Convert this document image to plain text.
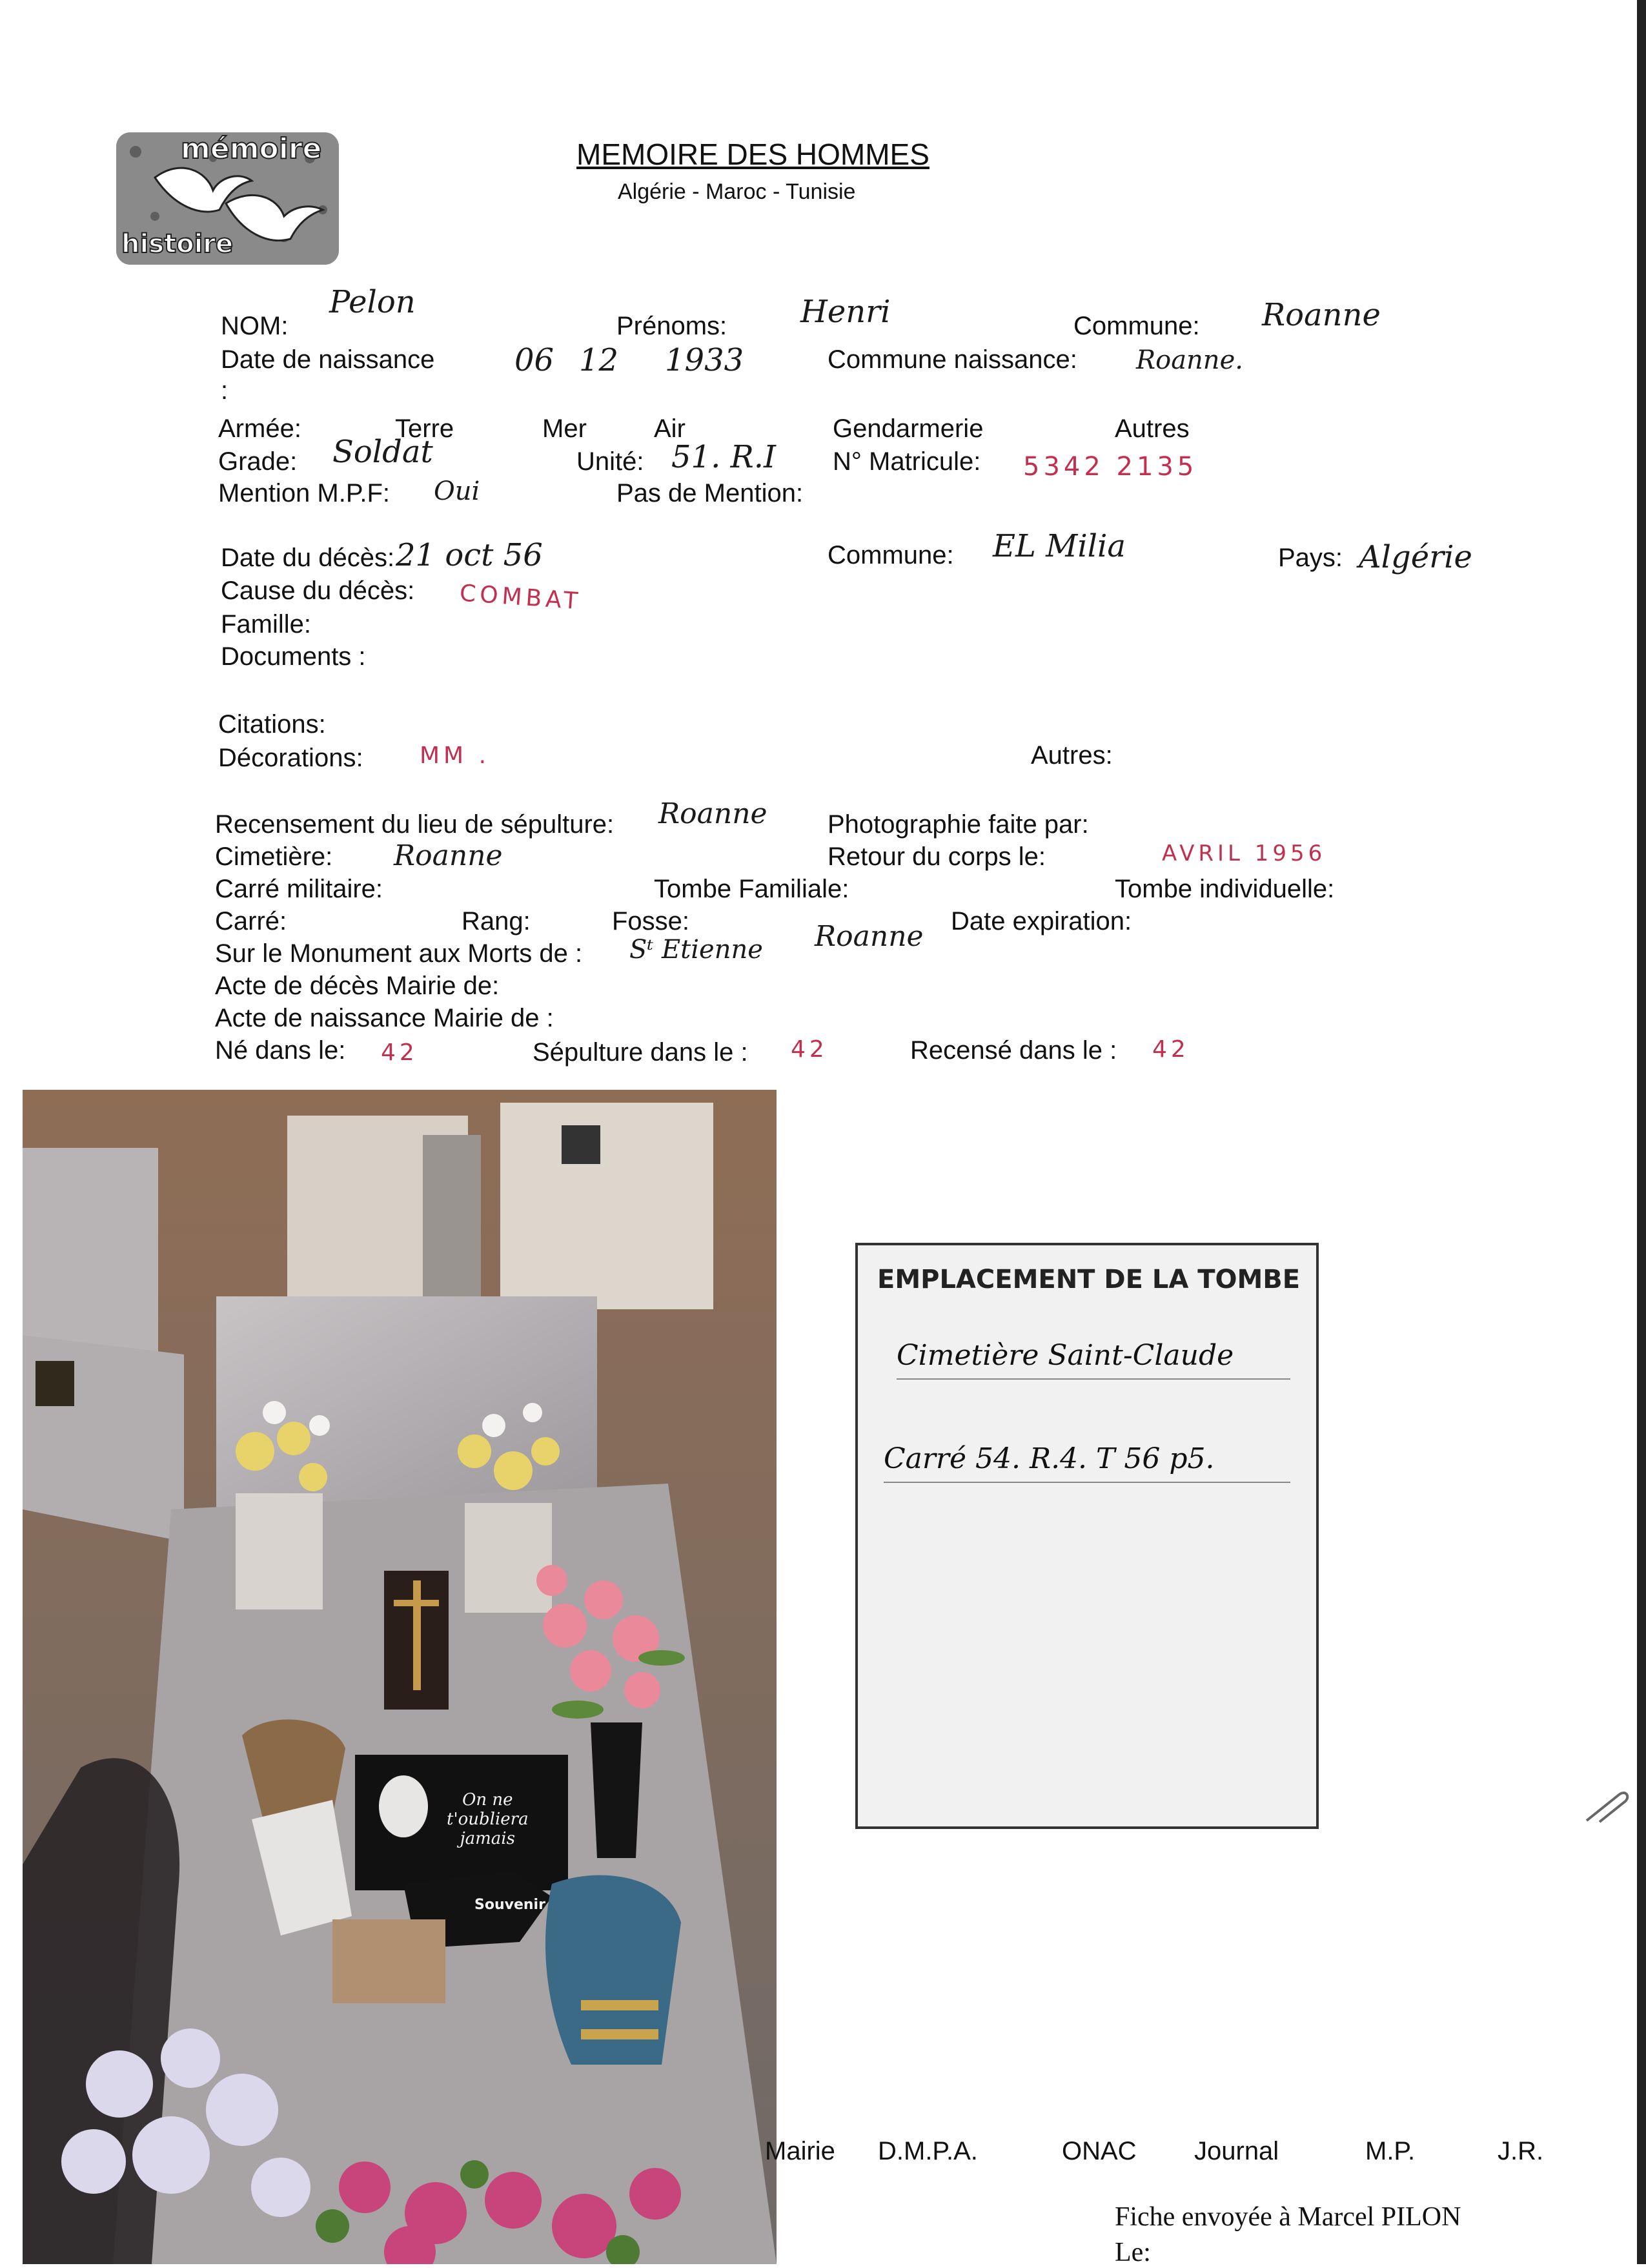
mémoire
histoire
MEMOIRE DES HOMMES
Algérie - Maroc - Tunisie
NOM:
Pelon
Prénoms: Henri	Commune: Roanne
Date de naissance
:
06 12 1933	Commune naissance: Roanne.
Armée:	Terre	Mer	Air	Gendarmerie	Autres
Grade: Soldat	Unité: 51. R.I N° Matricule: 5342 2135
Mention M.P.F: Oui	Pas de Mention:
Date du décès: 21 oct 56	Commune: EL Milia	Pays: Algérie
Cause du décès: COMBAT
Famille:
Documents :
Citations:
Décorations: MM .	Autres:
Recensement du lieu de sépulture: Roanne Photographie faite par:
Cimetière: Roanne	Retour du corps le:	AVRIL 1956
Carré militaire:	Tombe Familiale:	Tombe individuelle:
Carré:	Rang:	Fosse:	Date expiration:
Sur le Monument aux Morts de : Sᵗ Etienne Roanne
Acte de décès Mairie de:
Acte de naissance Mairie de :
Né dans le: 42	Sépulture dans le : 42	Recensé dans le : 42
On ne
t'oubliera
jamais
Souvenir
EMPLACEMENT DE LA TOMBE
Cimetière Saint-Claude
Carré 54. R.4. T 56 p5.
Mairie D.M.P.A.	ONAC Journal	M.P.	J.R.
Fiche envoyée à Marcel PILON
Le:
